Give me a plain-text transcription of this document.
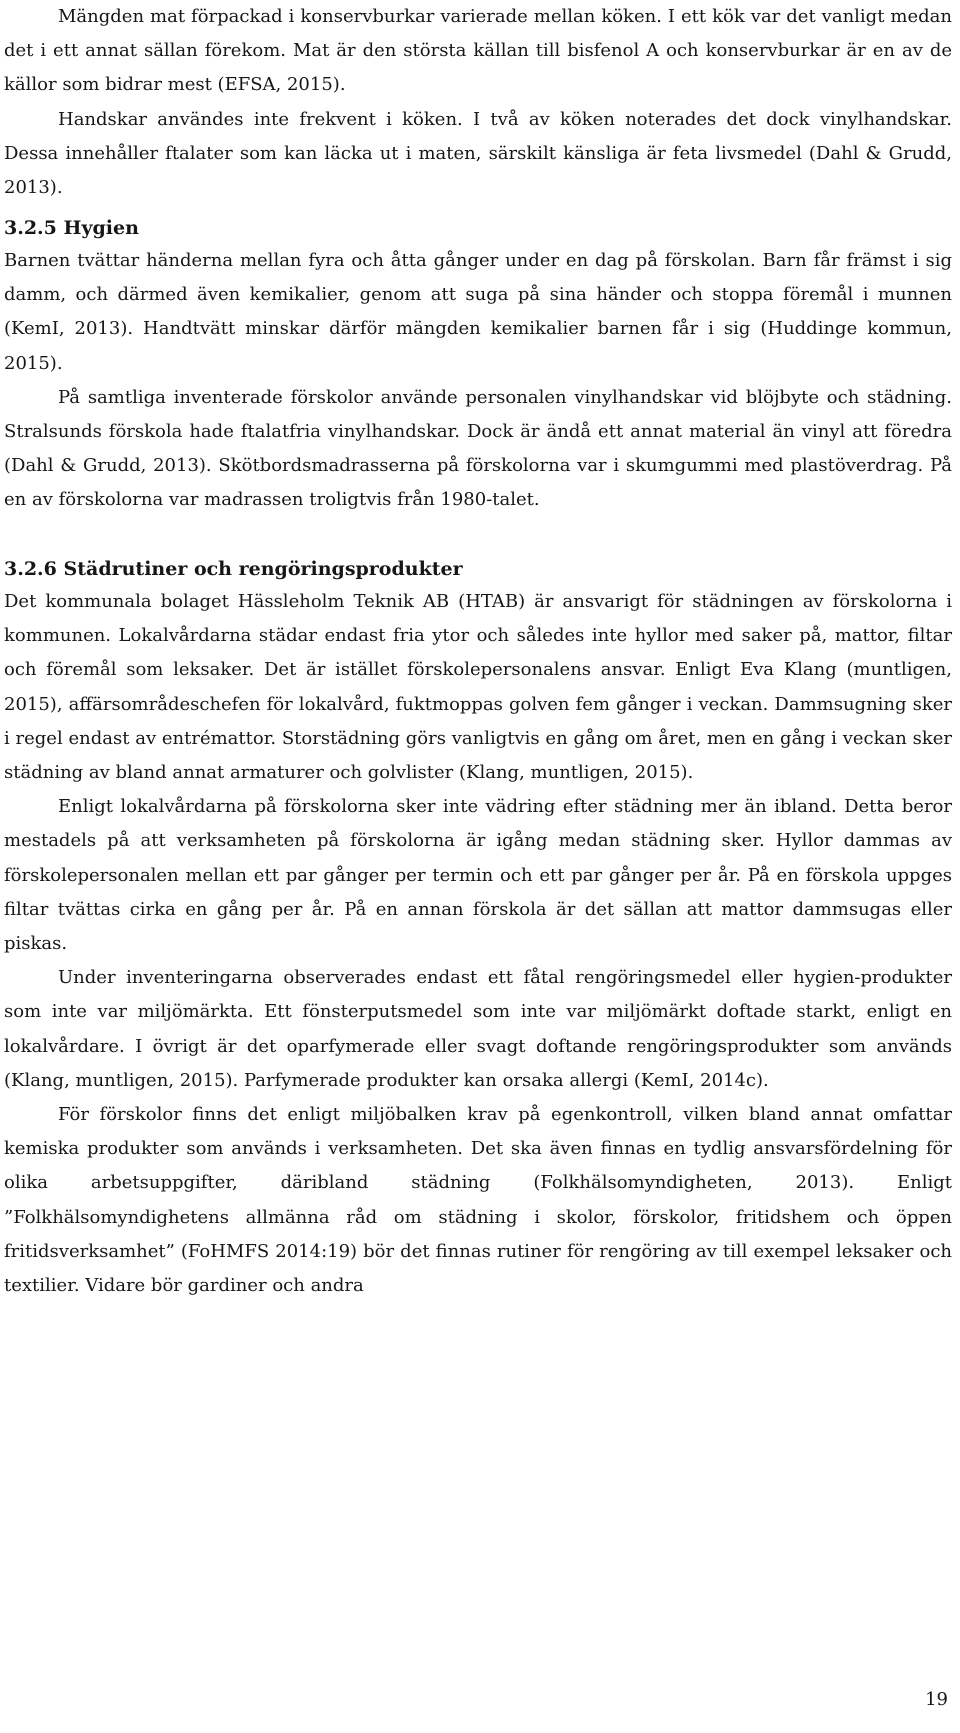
Mängden mat förpackad i konservburkar varierade mellan köken. I ett kök var det vanligt medan det i ett annat sällan förekom. Mat är den största källan till bisfenol A och konservburkar är en av de källor som bidrar mest (EFSA, 2015).

Handskar användes inte frekvent i köken. I två av köken noterades det dock vinylhandskar. Dessa innehåller ftalater som kan läcka ut i maten, särskilt känsliga är feta livsmedel (Dahl & Grudd, 2013).

3.2.5 Hygien

Barnen tvättar händerna mellan fyra och åtta gånger under en dag på förskolan. Barn får främst i sig damm, och därmed även kemikalier, genom att suga på sina händer och stoppa föremål i munnen (KemI, 2013). Handtvätt minskar därför mängden kemikalier barnen får i sig (Huddinge kommun, 2015).

På samtliga inventerade förskolor använde personalen vinylhandskar vid blöjbyte och städning. Stralsunds förskola hade ftalatfria vinylhandskar. Dock är ändå ett annat material än vinyl att föredra (Dahl & Grudd, 2013). Skötbordsmadrasserna på förskolorna var i skumgummi med plastöverdrag. På en av förskolorna var madrassen troligtvis från 1980-talet.

3.2.6 Städrutiner och rengöringsprodukter

Det kommunala bolaget Hässleholm Teknik AB (HTAB) är ansvarigt för städningen av förskolorna i kommunen. Lokalvårdarna städar endast fria ytor och således inte hyllor med saker på, mattor, filtar och föremål som leksaker. Det är istället förskolepersonalens ansvar. Enligt Eva Klang (muntligen, 2015), affärsområdeschefen för lokalvård, fuktmoppas golven fem gånger i veckan. Dammsugning sker i regel endast av entrémattor. Storstädning görs vanligtvis en gång om året, men en gång i veckan sker städning av bland annat armaturer och golvlister (Klang, muntligen, 2015).

Enligt lokalvårdarna på förskolorna sker inte vädring efter städning mer än ibland. Detta beror mestadels på att verksamheten på förskolorna är igång medan städning sker. Hyllor dammas av förskolepersonalen mellan ett par gånger per termin och ett par gånger per år. På en förskola uppges filtar tvättas cirka en gång per år. På en annan förskola är det sällan att mattor dammsugas eller piskas.

Under inventeringarna observerades endast ett fåtal rengöringsmedel eller hygien-produkter som inte var miljömärkta. Ett fönsterputsmedel som inte var miljömärkt doftade starkt, enligt en lokalvårdare. I övrigt är det oparfymerade eller svagt doftande rengöringsprodukter som används (Klang, muntligen, 2015). Parfymerade produkter kan orsaka allergi (KemI, 2014c).

För förskolor finns det enligt miljöbalken krav på egenkontroll, vilken bland annat omfattar kemiska produkter som används i verksamheten. Det ska även finnas en tydlig ansvarsfördelning för olika arbetsuppgifter, däribland städning (Folkhälsomyndigheten, 2013). Enligt ”Folkhälsomyndighetens allmänna råd om städning i skolor, förskolor, fritidshem och öppen fritidsverksamhet” (FoHMFS 2014:19) bör det finnas rutiner för rengöring av till exempel leksaker och textilier. Vidare bör gardiner och andra

19
